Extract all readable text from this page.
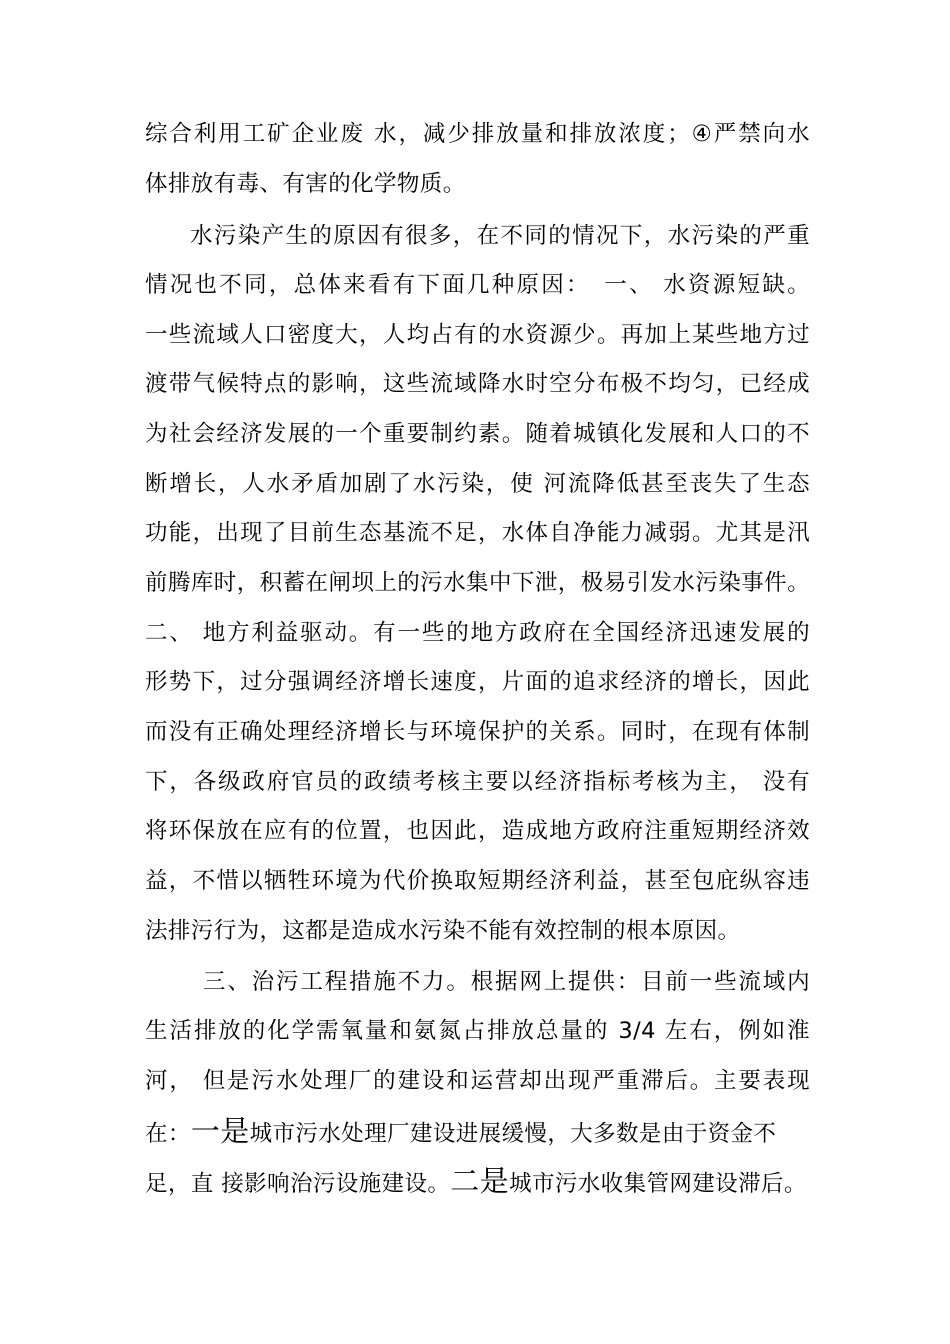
综合利用工矿企业废 水，减少排放量和排放浓度；④严禁向水
体排放有毒、有害的化学物质。
水污染产生的原因有很多，在不同的情况下，水污染的严重
情况也不同，总体来看有下面几种原因：　一、 水资源短缺。
一些流域人口密度大，人均占有的水资源少。再加上某些地方过
渡带气候特点的影响，这些流域降水时空分布极不均匀，已经成
为社会经济发展的一个重要制约素。随着城镇化发展和人口的不
断增长，人水矛盾加剧了水污染，使 河流降低甚至丧失了生态
功能，出现了目前生态基流不足，水体自净能力减弱。尤其是汛
前腾库时，积蓄在闸坝上的污水集中下泄，极易引发水污染事件。
二、 地方利益驱动。有一些的地方政府在全国经济迅速发展的
形势下，过分强调经济增长速度，片面的追求经济的增长，因此
而没有正确处理经济增长与环境保护的关系。同时，在现有体制
下，各级政府官员的政绩考核主要以经济指标考核为主， 没有
将环保放在应有的位置，也因此，造成地方政府注重短期经济效
益，不惜以牺牲环境为代价换取短期经济利益，甚至包庇纵容违
法排污行为，这都是造成水污染不能有效控制的根本原因。
三、治污工程措施不力。根据网上提供：目前一些流域内
生活排放的化学需氧量和氨氮占排放总量的 3/4 左右，例如淮
河， 但是污水处理厂的建设和运营却出现严重滞后。主要表现
在：一是城市污水处理厂建设进展缓慢，大多数是由于资金不
足，直 接影响治污设施建设。二是城市污水收集管网建设滞后。
